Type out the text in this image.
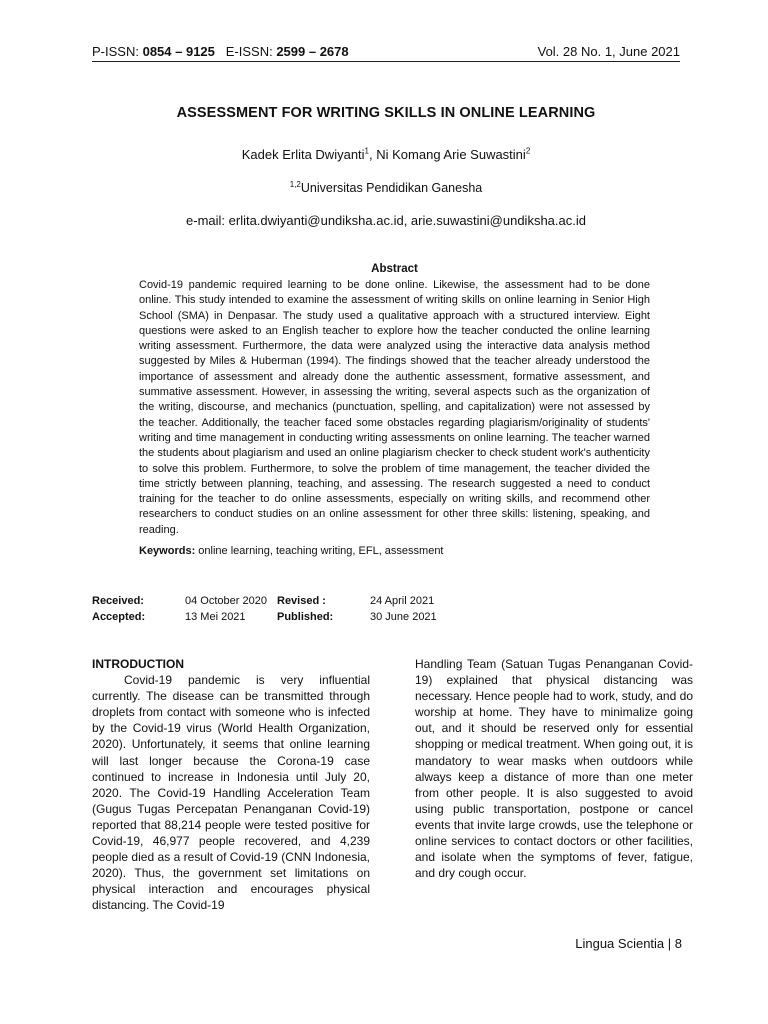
P-ISSN: 0854 – 9125 E-ISSN: 2599 – 2678	Vol. 28 No. 1, June 2021
ASSESSMENT FOR WRITING SKILLS IN ONLINE LEARNING
Kadek Erlita Dwiyanti$^1$, Ni Komang Arie Suwastini$^2$
$^{1,2}$Universitas Pendidikan Ganesha
e-mail: erlita.dwiyanti@undiksha.ac.id, arie.suwastini@undiksha.ac.id
Abstract
Covid-19 pandemic required learning to be done online. Likewise, the assessment had to be done online. This study intended to examine the assessment of writing skills on online learning in Senior High School (SMA) in Denpasar. The study used a qualitative approach with a structured interview. Eight questions were asked to an English teacher to explore how the teacher conducted the online learning writing assessment. Furthermore, the data were analyzed using the interactive data analysis method suggested by Miles & Huberman (1994). The findings showed that the teacher already understood the importance of assessment and already done the authentic assessment, formative assessment, and summative assessment. However, in assessing the writing, several aspects such as the organization of the writing, discourse, and mechanics (punctuation, spelling, and capitalization) were not assessed by the teacher. Additionally, the teacher faced some obstacles regarding plagiarism/originality of students' writing and time management in conducting writing assessments on online learning. The teacher warned the students about plagiarism and used an online plagiarism checker to check student work's authenticity to solve this problem. Furthermore, to solve the problem of time management, the teacher divided the time strictly between planning, teaching, and assessing. The research suggested a need to conduct training for the teacher to do online assessments, especially on writing skills, and recommend other researchers to conduct studies on an online assessment for other three skills: listening, speaking, and reading.
Keywords: online learning, teaching writing, EFL, assessment
Received:	04 October 2020 Revised :	24 April 2021
Accepted:	13 Mei 2021	Published:	30 June 2021
INTRODUCTION

Covid-19 pandemic is very influential currently. The disease can be transmitted through droplets from contact with someone who is infected by the Covid-19 virus (World Health Organization, 2020). Unfortunately, it seems that online learning will last longer because the Corona-19 case continued to increase in Indonesia until July 20, 2020. The Covid-19 Handling Acceleration Team (Gugus Tugas Percepatan Penanganan Covid-19) reported that 88,214 people were tested positive for Covid-19, 46,977 people recovered, and 4,239 people died as a result of Covid-19 (CNN Indonesia, 2020). Thus, the government set limitations on physical interaction and encourages physical distancing. The Covid-19

Handling Team (Satuan Tugas Penanganan Covid-19) explained that physical distancing was necessary. Hence people had to work, study, and do worship at home. They have to minimalize going out, and it should be reserved only for essential shopping or medical treatment. When going out, it is mandatory to wear masks when outdoors while always keep a distance of more than one meter from other people. It is also suggested to avoid using public transportation, postpone or cancel events that invite large crowds, use the telephone or online services to contact doctors or other facilities, and isolate when the symptoms of fever, fatigue, and dry cough occur.

Lingua Scientia | 8
